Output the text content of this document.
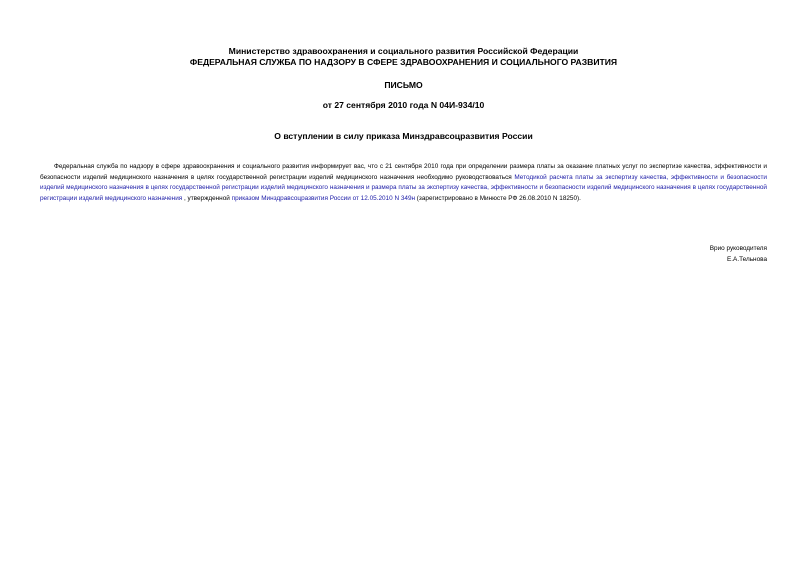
Министерство здравоохранения и социального развития Российской Федерации
ФЕДЕРАЛЬНАЯ СЛУЖБА ПО НАДЗОРУ В СФЕРЕ ЗДРАВООХРАНЕНИЯ И СОЦИАЛЬНОГО РАЗВИТИЯ
ПИСЬМО
от 27 сентября 2010 года N 04И-934/10
О вступлении в силу приказа Минздравсоцразвития России

Федеральная служба по надзору в сфере здравоохранения и социального развития информирует вас, что с 21 сентября 2010 года при определении размера платы за оказание платных услуг по экспертизе качества, эффективности и безопасности изделий медицинского назначения в целях государственной регистрации изделий медицинского назначения необходимо руководствоваться Методикой расчета платы за экспертизу качества, эффективности и безопасности изделий медицинского назначения в целях государственной регистрации изделий медицинского назначения и размера платы за экспертизу качества, эффективности и безопасности изделий медицинского назначения в целях государственной регистрации изделий медицинского назначения , утвержденной приказом Минздравсоцразвития России от 12.05.2010 N 349н (зарегистрировано в Минюсте РФ 26.08.2010 N 18250).

Врио руководителя
Е.А.Тельнова
